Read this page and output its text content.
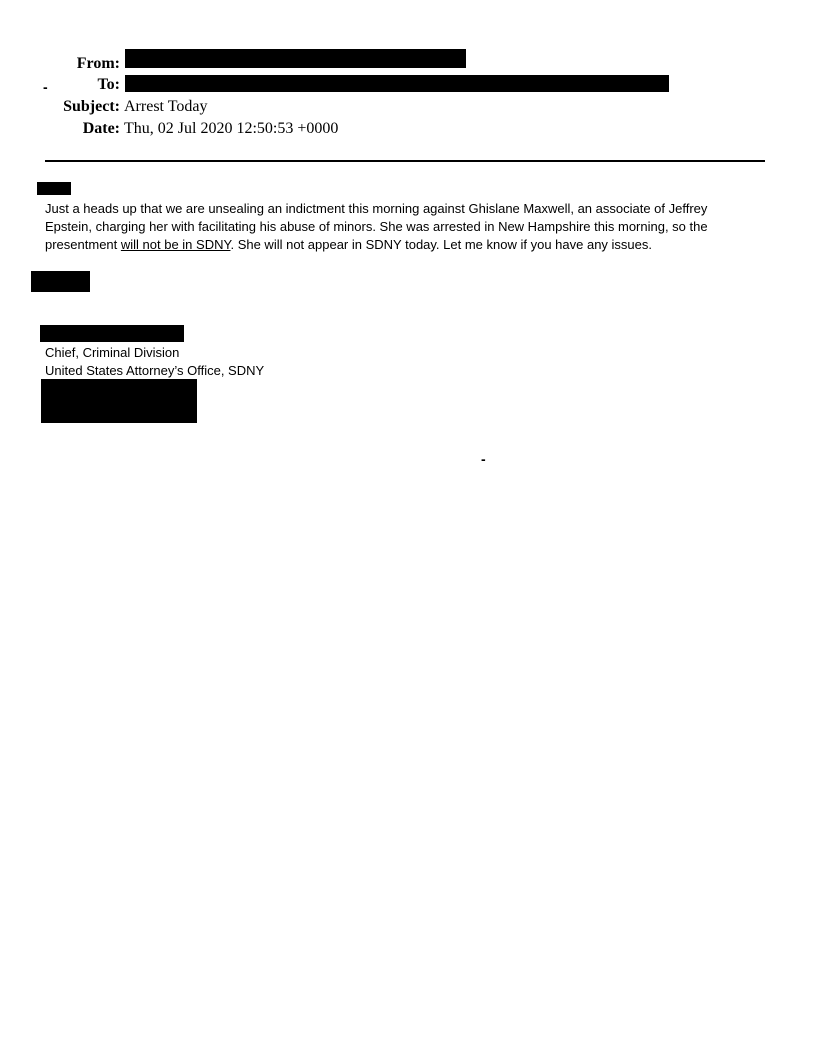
From:
-	To:
Subject: Arrest Today
Date: Thu, 02 Jul 2020 12:50:53 +0000
Just a heads up that we are unsealing an indictment this morning against Ghislane Maxwell, an associate of Jeffrey
Epstein, charging her with facilitating his abuse of minors. She was arrested in New Hampshire this morning, so the
presentment will not be in SDNY. She will not appear in SDNY today. Let me know if you have any issues.
Chief, Criminal Division
United States Attorney’s Office, SDNY
-
